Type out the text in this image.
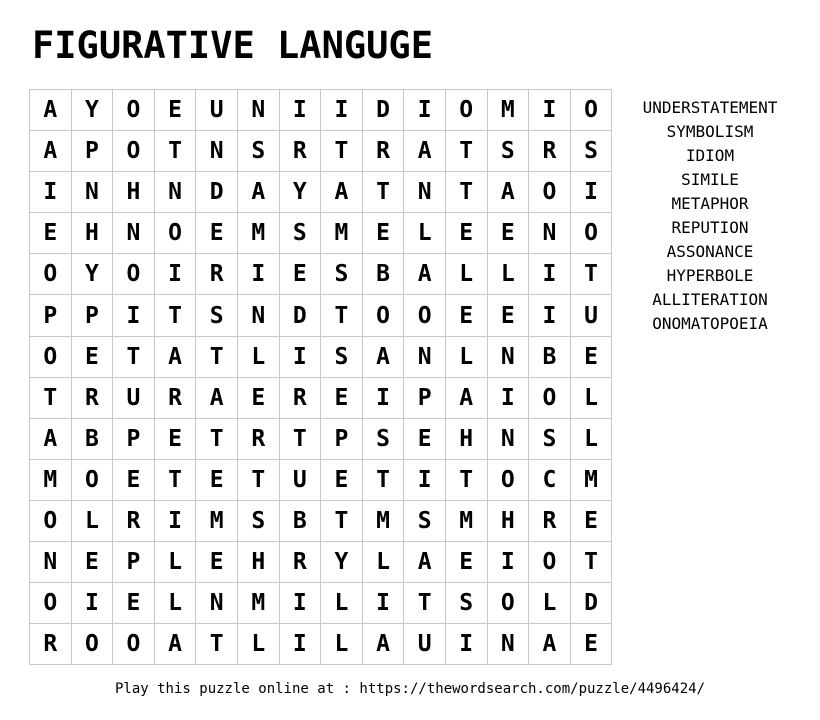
FIGURATIVE LANGUGE
A	Y	O	E	U	N	I	I	D	I	O	M	I	O
A	P	O	T	N	S	R	T	R	A	T	S	R	S
I	N	H	N	D	A	Y	A	T	N	T	A	O	I
E	H	N	O	E	M	S	M	E	L	E	E	N	O
O	Y	O	I	R	I	E	S	B	A	L	L	I	T
P	P	I	T	S	N	D	T	O	O	E	E	I	U
O	E	T	A	T	L	I	S	A	N	L	N	B	E
T	R	U	R	A	E	R	E	I	P	A	I	O	L
A	B	P	E	T	R	T	P	S	E	H	N	S	L
M	O	E	T	E	T	U	E	T	I	T	O	C	M
O	L	R	I	M	S	B	T	M	S	M	H	R	E
N	E	P	L	E	H	R	Y	L	A	E	I	O	T
O	I	E	L	N	M	I	L	I	T	S	O	L	D
R	O	O	A	T	L	I	L	A	U	I	N	A	E
UNDERSTATEMENT
SYMBOLISM
IDIOM
SIMILE
METAPHOR
REPUTION
ASSONANCE
HYPERBOLE
ALLITERATION
ONOMATOPOEIA
Play this puzzle online at : https://thewordsearch.com/puzzle/4496424/
